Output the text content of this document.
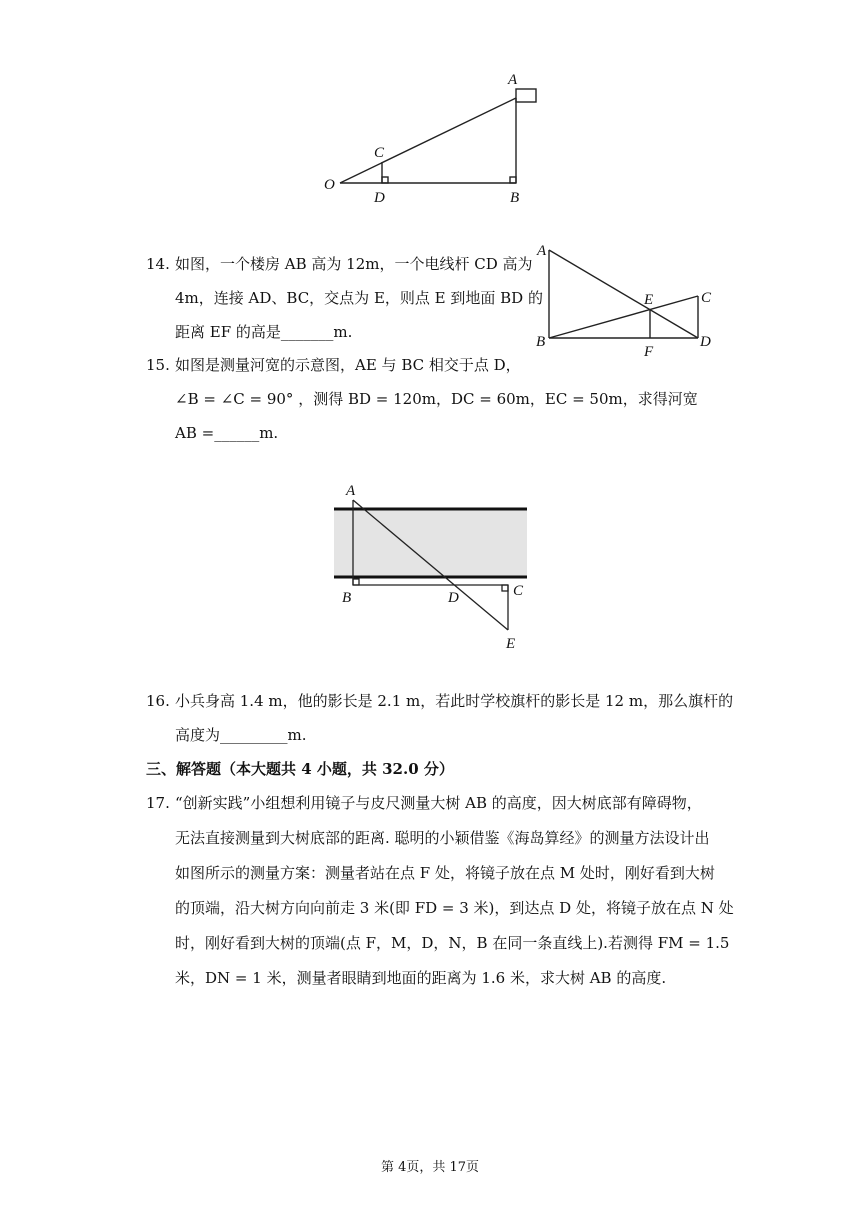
A
C
O
D	B
14. 如图，一个楼房 AB 高为 12m，一个电线杆 CD 高为
4m，连接 AD、BC，交点为 E，则点 E 到地面 BD 的
距离 EF 的高是_______m.
A
E	C
B
F
D
15. 如图是测量河宽的示意图，AE 与 BC 相交于点 D，
∠B = ∠C = 90° ，测得 BD = 120m，DC = 60m，EC = 50m，求得河宽
AB =______m.
A
B	D	C
E
16. 小兵身高 1.4 m，他的影长是 2.1 m，若此时学校旗杆的影长是 12 m，那么旗杆的
高度为_________m.
三、解答题（本大题共 4 小题，共 32.0 分）
17. “创新实践”小组想利用镜子与皮尺测量大树 AB 的高度，因大树底部有障碍物，
无法直接测量到大树底部的距离. 聪明的小颖借鉴《海岛算经》的测量方法设计出
如图所示的测量方案：测量者站在点 F 处，将镜子放在点 M 处时，刚好看到大树
的顶端，沿大树方向向前走 3 米(即 FD = 3 米)，到达点 D 处，将镜子放在点 N 处
时，刚好看到大树的顶端(点 F，M，D，N，B 在同一条直线上).若测得 FM = 1.5
米，DN = 1 米，测量者眼睛到地面的距离为 1.6 米，求大树 AB 的高度.
第 4页，共 17页
